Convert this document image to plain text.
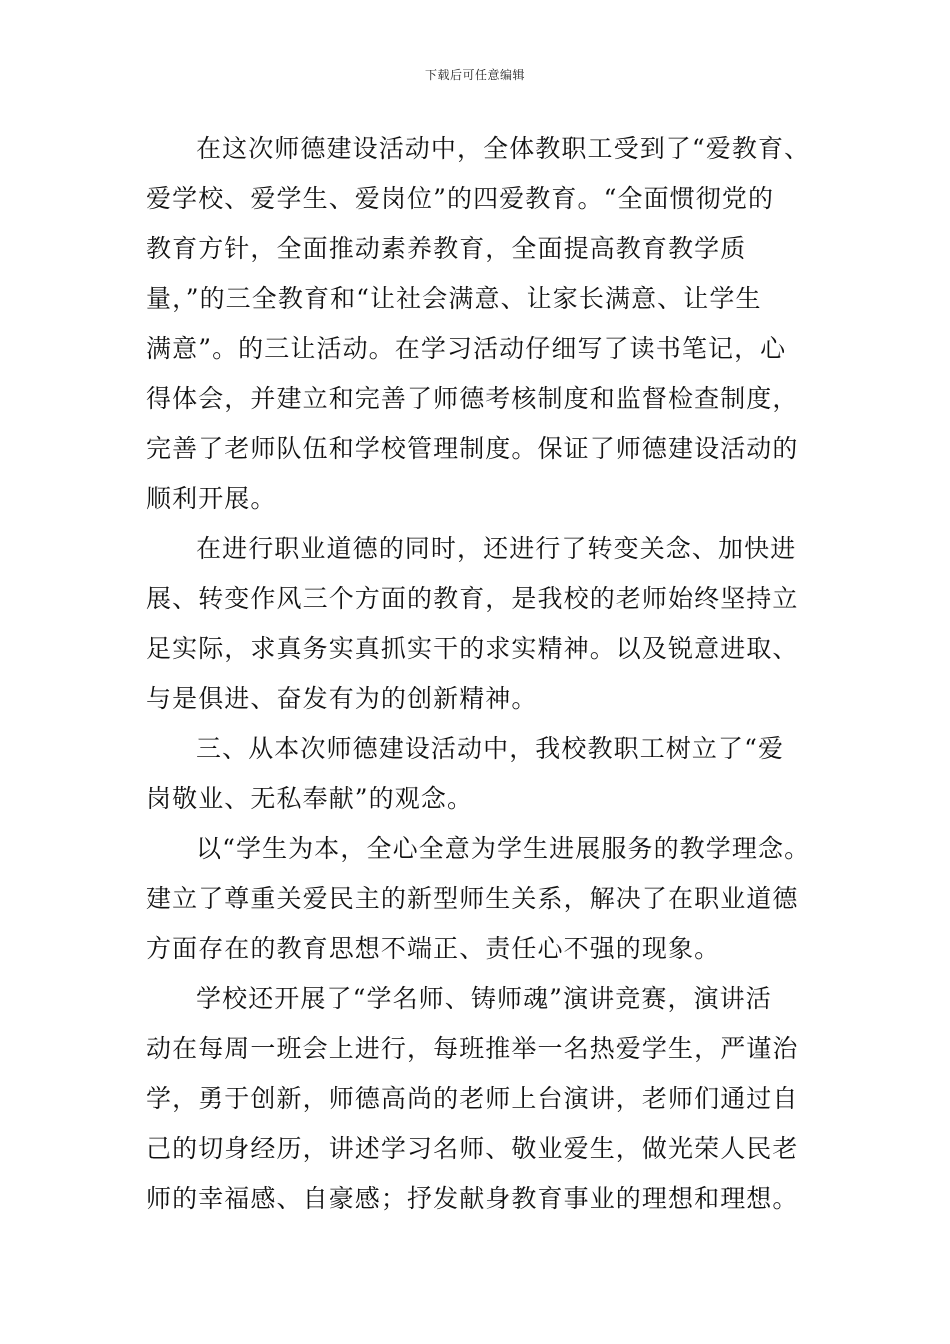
下载后可任意编辑

在这次师德建设活动中，全体教职工受到了“爱教育、
爱学校、爱学生、爱岗位”的四爱教育。“全面惯彻党的
教育方针，全面推动素养教育，全面提高教育教学质
量，”的三全教育和“让社会满意、让家长满意、让学生
满意”。的三让活动。在学习活动仔细写了读书笔记，心
得体会，并建立和完善了师德考核制度和监督检查制度，
完善了老师队伍和学校管理制度。保证了师德建设活动的
顺利开展。

在进行职业道德的同时，还进行了转变关念、加快进
展、转变作风三个方面的教育，是我校的老师始终坚持立
足实际，求真务实真抓实干的求实精神。以及锐意进取、
与是俱进、奋发有为的创新精神。

三、从本次师德建设活动中，我校教职工树立了“爱
岗敬业、无私奉献”的观念。

以“学生为本，全心全意为学生进展服务的教学理念。
建立了尊重关爱民主的新型师生关系，解决了在职业道德
方面存在的教育思想不端正、责任心不强的现象。

学校还开展了“学名师、铸师魂”演讲竞赛，演讲活
动在每周一班会上进行，每班推举一名热爱学生，严谨治
学，勇于创新，师德高尚的老师上台演讲，老师们通过自
己的切身经历，讲述学习名师、敬业爱生，做光荣人民老
师的幸福感、自豪感；抒发献身教育事业的理想和理想。
